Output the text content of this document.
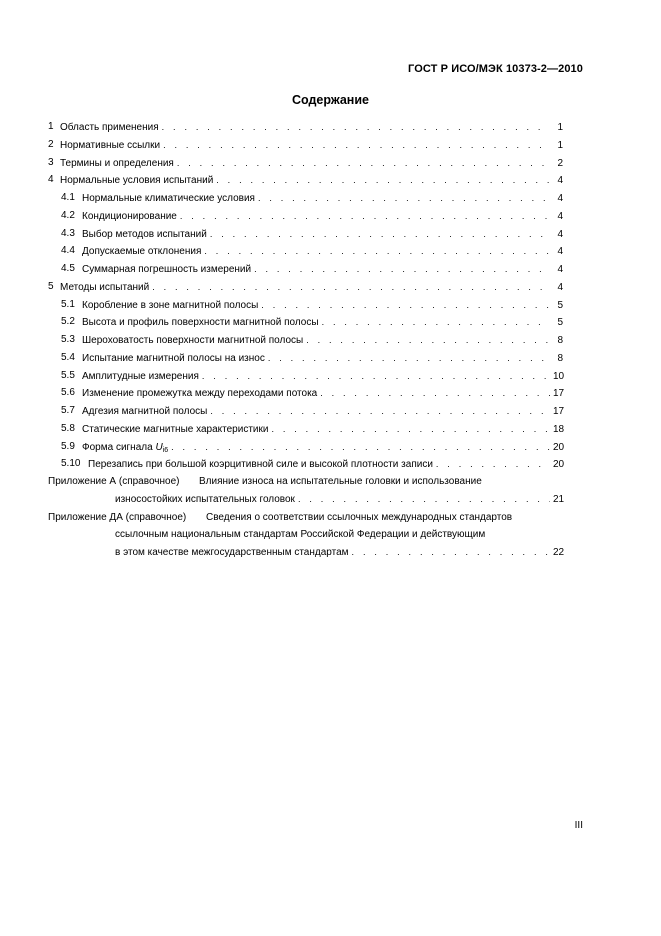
ГОСТ Р ИСО/МЭК 10373-2—2010
Содержание
1 Область применения . . .	1
2 Нормативные ссылки . . .	1
3 Термины и определения . . .	2
4 Нормальные условия испытаний . . .	4
4.1 Нормальные климатические условия . . .	4
4.2 Кондиционирование . . .	4
4.3 Выбор методов испытаний . . .	4
4.4 Допускаемые отклонения . . .	4
4.5 Суммарная погрешность измерений . . .	4
5 Методы испытаний . . .	4
5.1 Коробление в зоне магнитной полосы . . .	5
5.2 Высота и профиль поверхности магнитной полосы . . .	5
5.3 Шероховатость поверхности магнитной полосы . . .	8
5.4 Испытание магнитной полосы на износ . . .	8
5.5 Амплитудные измерения . . .	10
5.6 Изменение промежутка между переходами потока . . .	17
5.7 Адгезия магнитной полосы . . .	17
5.8 Статические магнитные характеристики . . .	18
5.9 Форма сигнала $U_{i6}$ . . .	20
5.10 Перезапись при большой коэрцитивной силе и высокой плотности записи . . .	20
Приложение А (справочное) Влияние износа на испытательные головки и использование
износостойких испытательных головок . . .	21
Приложение ДА (справочное) Сведения о соответствии ссылочных международных стандартов
ссылочным национальным стандартам Российской Федерации и действующим
в этом качестве межгосударственным стандартам . . .	22
III
